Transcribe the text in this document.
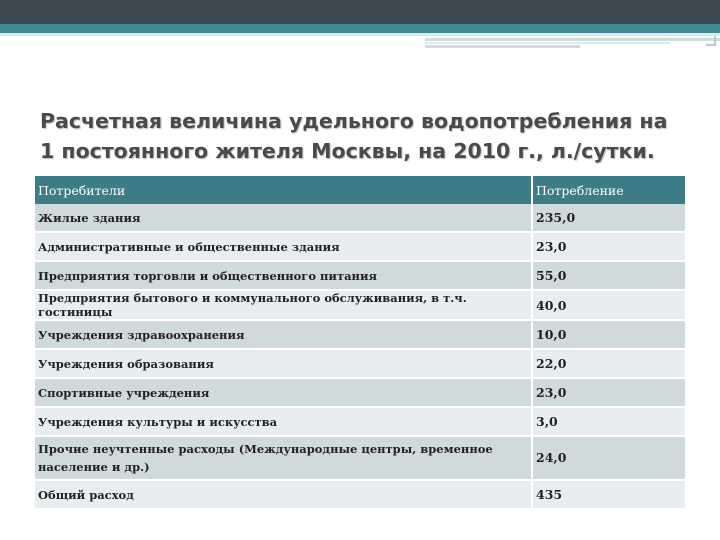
Расчетная величина удельного водопотребления на
1 постоянного жителя Москвы, на 2010 г., л./сутки.
Потребители	Потребление
Жилые здания	235,0
Административные и общественные здания	23,0
Предприятия торговли и общественного питания	55,0
Предприятия бытового и коммунального обслуживания, в т.ч. гостиницы	40,0
Учреждения здравоохранения	10,0
Учреждения образования	22,0
Спортивные учреждения	23,0
Учреждения культуры и искусства	3,0
Прочие неучтенные расходы (Международные центры, временное население и др.)	24,0
Общий расход	435
